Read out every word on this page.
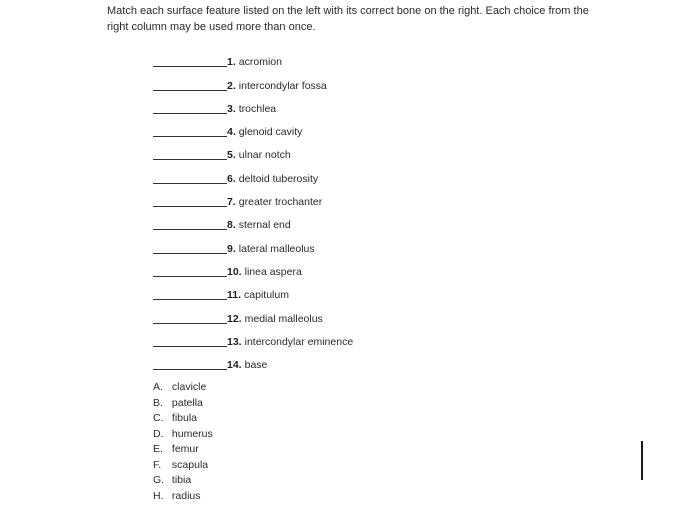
Match each surface feature listed on the left with its correct bone on the right. Each choice from the right column may be used more than once.
1. acromion
2. intercondylar fossa
3. trochlea
4. glenoid cavity
5. ulnar notch
6. deltoid tuberosity
7. greater trochanter
8. sternal end
9. lateral malleolus
10. linea aspera
11. capitulum
12. medial malleolus
13. intercondylar eminence
14. base
A. clavicle
B. patella
C. fibula
D. humerus
E. femur
F. scapula
G. tibia
H. radius
